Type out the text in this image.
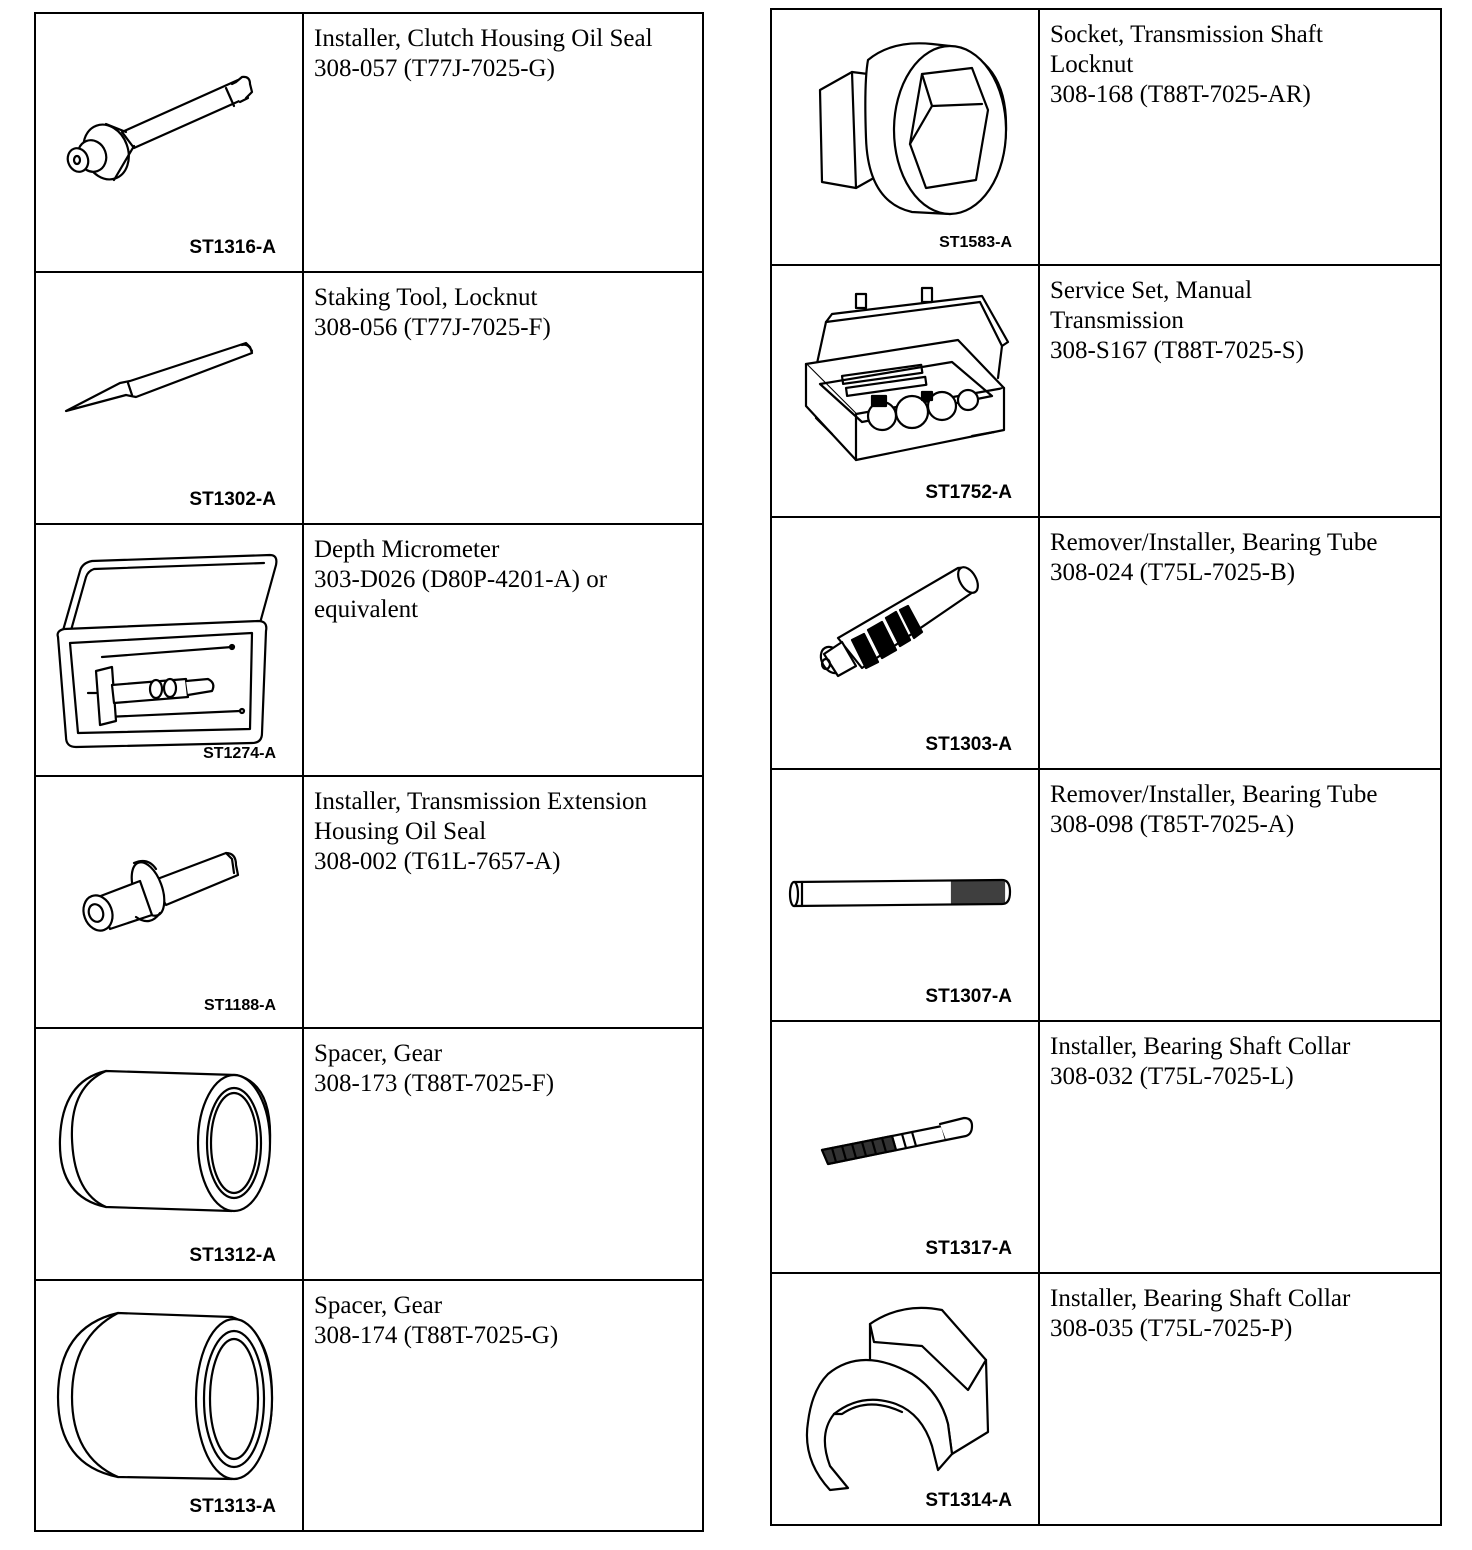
ST1316-A
Installer, Clutch Housing Oil Seal
308-057 (T77J-7025-G)
ST1302-A
Staking Tool, Locknut
308-056 (T77J-7025-F)
ST1274-A
Depth Micrometer
303-D026 (D80P-4201-A) or
equivalent
ST1188-A
Installer, Transmission Extension
Housing Oil Seal
308-002 (T61L-7657-A)
ST1312-A
Spacer, Gear
308-173 (T88T-7025-F)
ST1313-A
Spacer, Gear
308-174 (T88T-7025-G)
ST1583-A
Socket, Transmission Shaft
Locknut
308-168 (T88T-7025-AR)
ST1752-A
Service Set, Manual
Transmission
308-S167 (T88T-7025-S)
ST1303-A
Remover/Installer, Bearing Tube
308-024 (T75L-7025-B)
ST1307-A
Remover/Installer, Bearing Tube
308-098 (T85T-7025-A)
ST1317-A
Installer, Bearing Shaft Collar
308-032 (T75L-7025-L)
ST1314-A
Installer, Bearing Shaft Collar
308-035 (T75L-7025-P)
